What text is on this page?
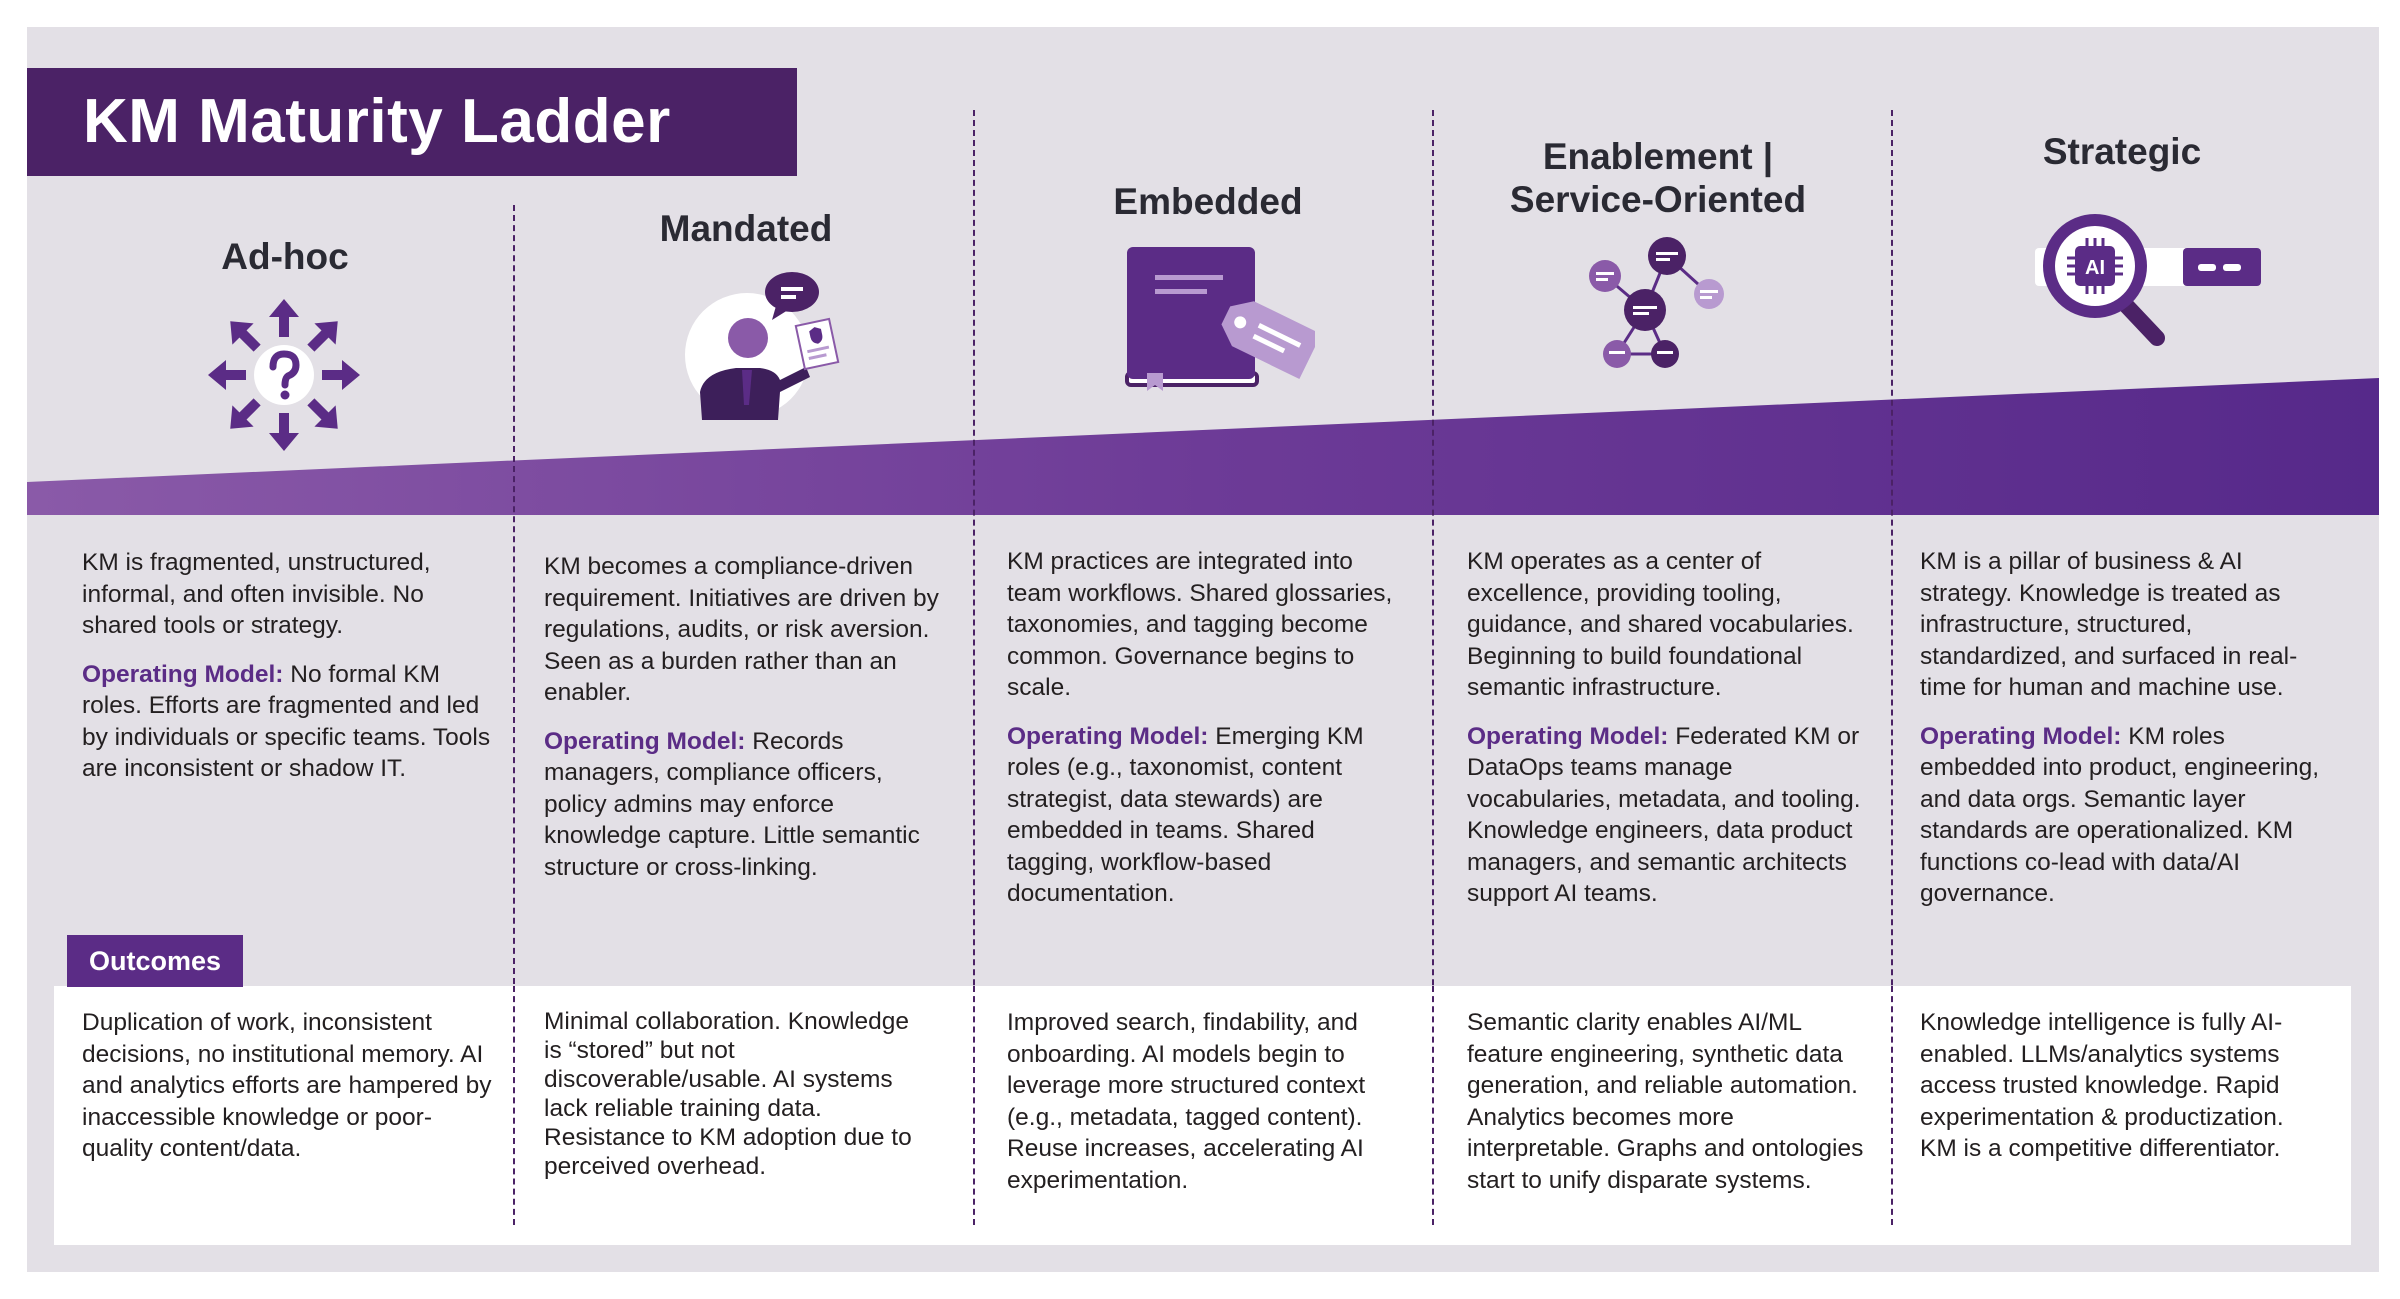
KM Maturity Ladder
Ad-hoc
Mandated
Embedded
Enablement |
Service-Oriented
Strategic
AI

KM is fragmented, unstructured, informal, and often invisible. No shared tools or strategy.

Operating Model: No formal KM roles. Efforts are fragmented and led by individuals or specific teams. Tools are inconsistent or shadow IT.

KM becomes a compliance-driven requirement. Initiatives are driven by regulations, audits, or risk aversion. Seen as a burden rather than an enabler.

Operating Model: Records managers, compliance officers, policy admins may enforce knowledge capture. Little semantic structure or cross-linking.

KM practices are integrated into team workflows. Shared glossaries, taxonomies, and tagging become common. Governance begins to scale.

Operating Model: Emerging KM roles (e.g., taxonomist, content strategist, data stewards) are embedded in teams. Shared tagging, workflow-based documentation.

KM operates as a center of excellence, providing tooling, guidance, and shared vocabularies. Beginning to build foundational semantic infrastructure.

Operating Model: Federated KM or DataOps teams manage vocabularies, metadata, and tooling. Knowledge engineers, data product managers, and semantic architects support AI teams.

KM is a pillar of business & AI strategy. Knowledge is treated as infrastructure, structured, standardized, and surfaced in real-time for human and machine use.

Operating Model: KM roles embedded into product, engineering, and data orgs. Semantic layer standards are operationalized. KM functions co-lead with data/AI governance.

Outcomes
Duplication of work, inconsistent decisions, no institutional memory. AI and analytics efforts are hampered by inaccessible knowledge or poor-quality content/data.
Minimal collaboration. Knowledge is “stored” but not discoverable/usable. AI systems lack reliable training data. Resistance to KM adoption due to perceived overhead.
Improved search, findability, and onboarding. AI models begin to leverage more structured context (e.g., metadata, tagged content). Reuse increases, accelerating AI experimentation.
Semantic clarity enables AI/ML feature engineering, synthetic data generation, and reliable automation. Analytics becomes more interpretable. Graphs and ontologies start to unify disparate systems.
Knowledge intelligence is fully AI-enabled. LLMs/analytics systems access trusted knowledge. Rapid experimentation & productization. KM is a competitive differentiator.
